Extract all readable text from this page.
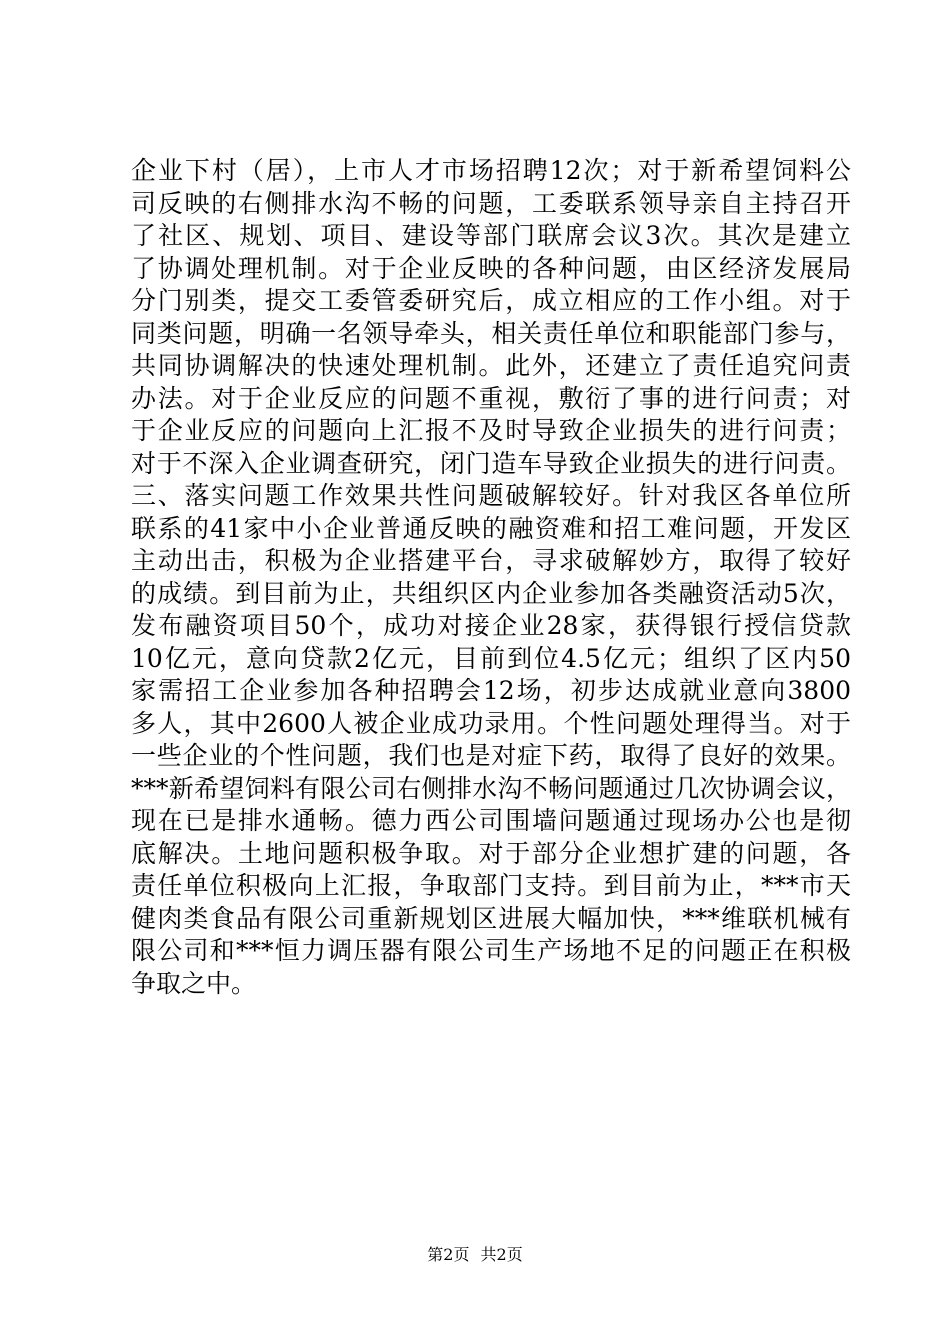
企业下村（居），上市人才市场招聘12次；对于新希望饲料公
司反映的右侧排水沟不畅的问题，工委联系领导亲自主持召开
了社区、规划、项目、建设等部门联席会议3次。其次是建立
了协调处理机制。对于企业反映的各种问题，由区经济发展局
分门别类，提交工委管委研究后，成立相应的工作小组。对于
同类问题，明确一名领导牵头，相关责任单位和职能部门参与，
共同协调解决的快速处理机制。此外，还建立了责任追究问责
办法。对于企业反应的问题不重视，敷衍了事的进行问责；对
于企业反应的问题向上汇报不及时导致企业损失的进行问责；
对于不深入企业调查研究，闭门造车导致企业损失的进行问责。
三、落实问题工作效果共性问题破解较好。针对我区各单位所
联系的41家中小企业普通反映的融资难和招工难问题，开发区
主动出击，积极为企业搭建平台，寻求破解妙方，取得了较好
的成绩。到目前为止，共组织区内企业参加各类融资活动5次，
发布融资项目50个，成功对接企业28家，获得银行授信贷款
10亿元，意向贷款2亿元，目前到位4.5亿元；组织了区内50
家需招工企业参加各种招聘会12场，初步达成就业意向3800
多人，其中2600人被企业成功录用。个性问题处理得当。对于
一些企业的个性问题，我们也是对症下药，取得了良好的效果。
***新希望饲料有限公司右侧排水沟不畅问题通过几次协调会议，
现在已是排水通畅。德力西公司围墙问题通过现场办公也是彻
底解决。土地问题积极争取。对于部分企业想扩建的问题，各
责任单位积极向上汇报，争取部门支持。到目前为止，***市天
健肉类食品有限公司重新规划区进展大幅加快，***维联机械有
限公司和***恒力调压器有限公司生产场地不足的问题正在积极
争取之中。
第2页 共2页
